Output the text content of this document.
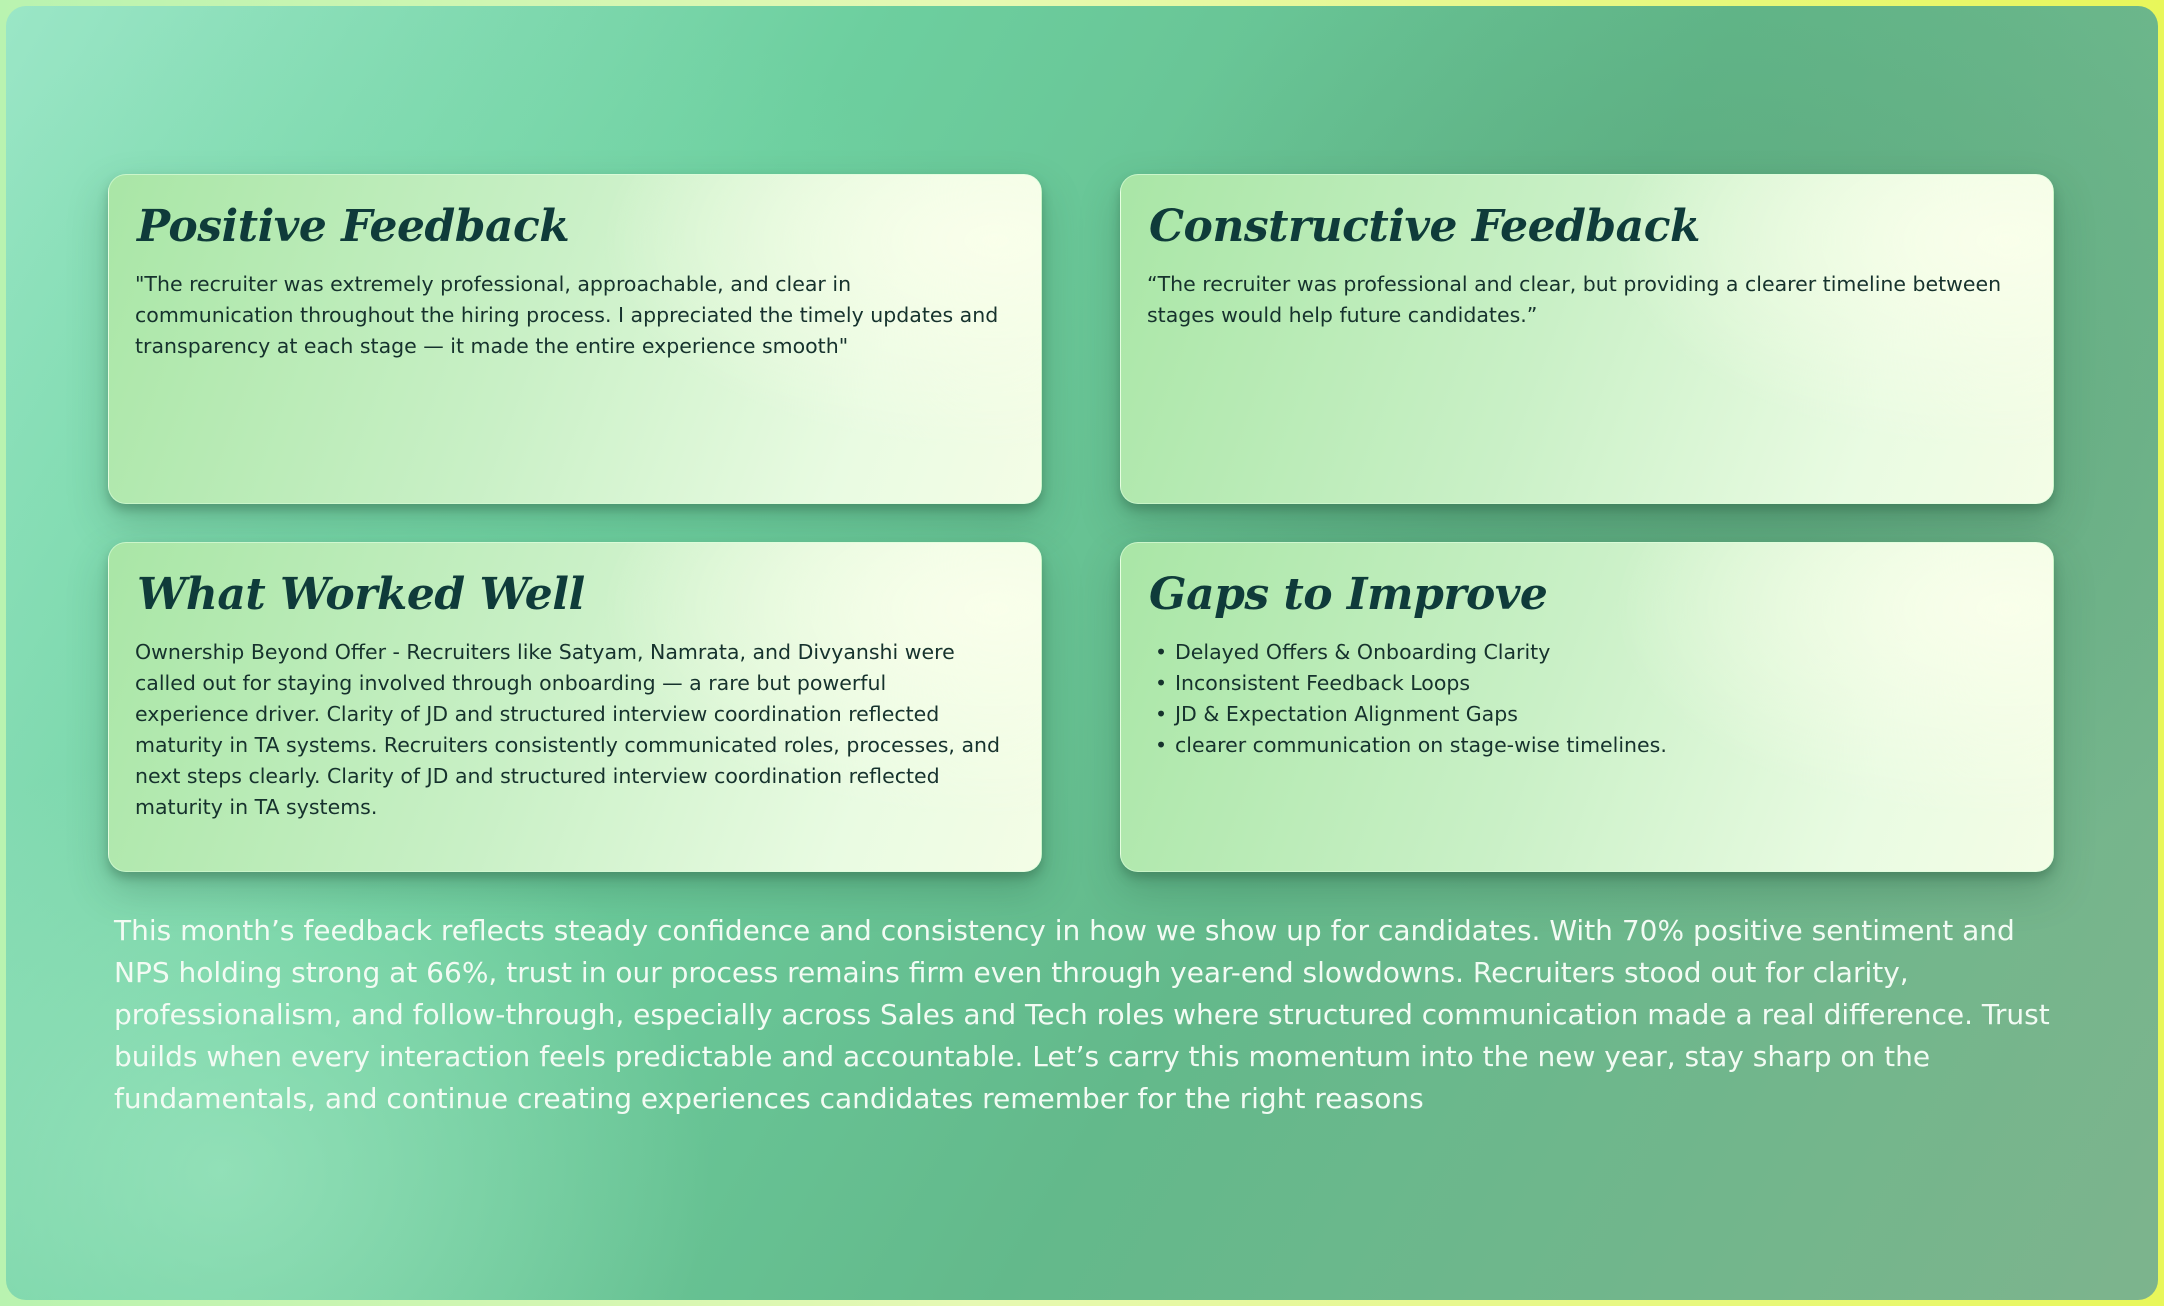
Positive Feedback
"The recruiter was extremely professional, approachable, and clear in communication throughout the hiring process. I appreciated the timely updates and transparency at each stage — it made the entire experience smooth"
Constructive Feedback
“The recruiter was professional and clear, but providing a clearer timeline between stages would help future candidates.”
What Worked Well
Ownership Beyond Offer - Recruiters like Satyam, Namrata, and Divyanshi were called out for staying involved through onboarding — a rare but powerful experience driver. Clarity of JD and structured interview coordination reflected maturity in TA systems. Recruiters consistently communicated roles, processes, and next steps clearly. Clarity of JD and structured interview coordination reflected maturity in TA systems.
Gaps to Improve
• Delayed Offers & Onboarding Clarity
• Inconsistent Feedback Loops
• JD & Expectation Alignment Gaps
• clearer communication on stage-wise timelines.
This month’s feedback reflects steady confidence and consistency in how we show up for candidates. With 70% positive sentiment and NPS holding strong at 66%, trust in our process remains firm even through year-end slowdowns. Recruiters stood out for clarity, professionalism, and follow-through, especially across Sales and Tech roles where structured communication made a real difference. Trust builds when every interaction feels predictable and accountable. Let’s carry this momentum into the new year, stay sharp on the fundamentals, and continue creating experiences candidates remember for the right reasons
